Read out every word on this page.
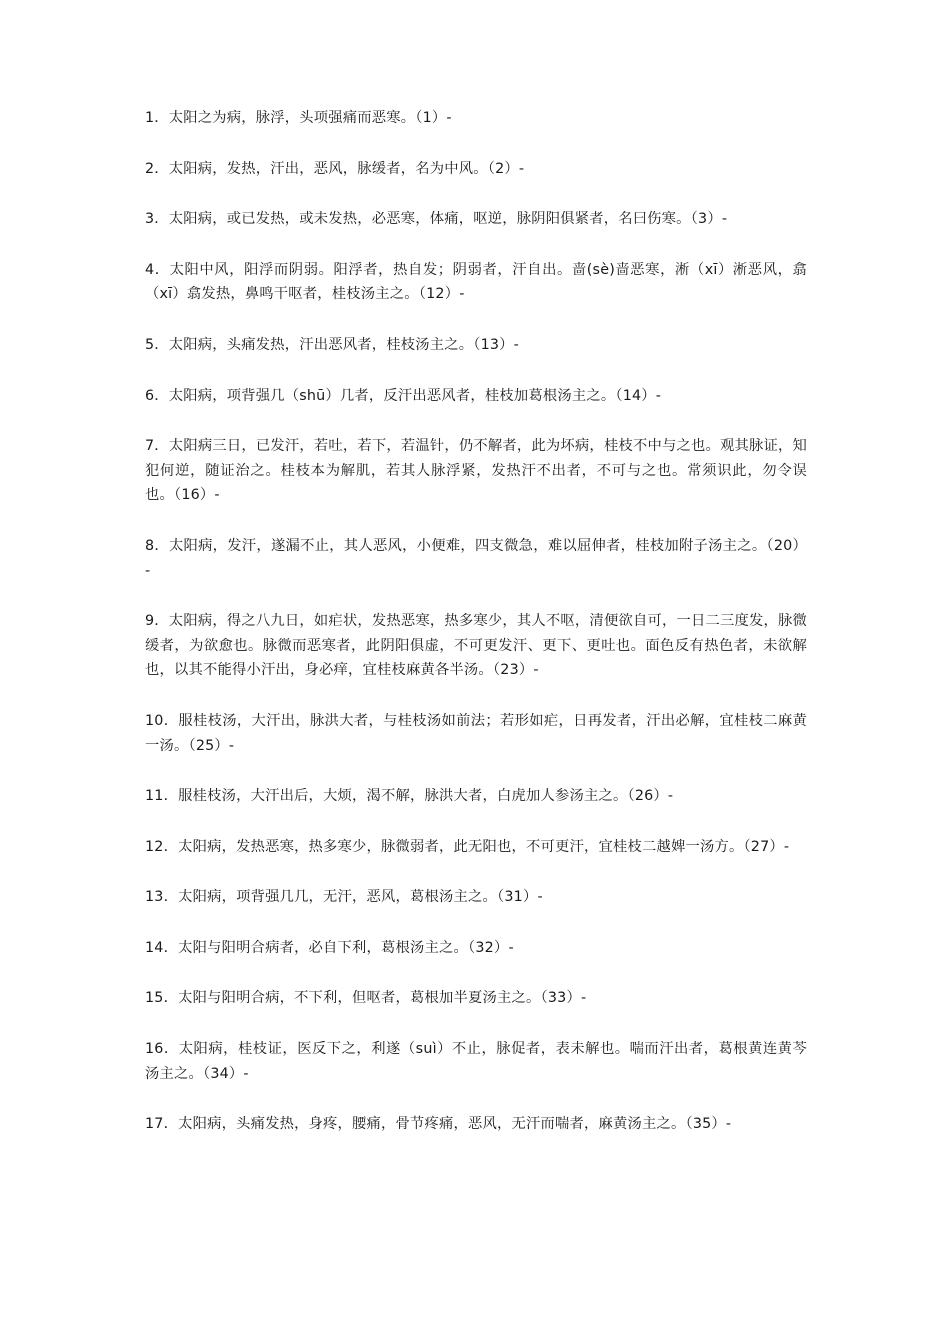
1．太阳之为病，脉浮，头项强痛而恶寒。（1）-

2．太阳病，发热，汗出，恶风，脉缓者，名为中风。（2）-

3．太阳病，或已发热，或未发热，必恶寒，体痛，呕逆，脉阴阳俱紧者，名曰伤寒。（3）-

4．太阳中风，阳浮而阴弱。阳浮者，热自发；阴弱者，汗自出。啬(sè)啬恶寒，淅（xī）淅恶风，翕（xī）翕发热，鼻鸣干呕者，桂枝汤主之。（12）-

5．太阳病，头痛发热，汗出恶风者，桂枝汤主之。（13）-

6．太阳病，项背强几（shū）几者，反汗出恶风者，桂枝加葛根汤主之。（14）-

7．太阳病三日，已发汗，若吐，若下，若温针，仍不解者，此为坏病，桂枝不中与之也。观其脉证，知犯何逆，随证治之。桂枝本为解肌，若其人脉浮紧，发热汗不出者，不可与之也。常须识此，勿令误也。（16）-

8．太阳病，发汗，遂漏不止，其人恶风，小便难，四支微急，难以屈伸者，桂枝加附子汤主之。（20）-

9．太阳病，得之八九日，如疟状，发热恶寒，热多寒少，其人不呕，清便欲自可，一日二三度发，脉微缓者，为欲愈也。脉微而恶寒者，此阴阳俱虚，不可更发汗、更下、更吐也。面色反有热色者，未欲解也，以其不能得小汗出，身必痒，宜桂枝麻黄各半汤。（23）-

10．服桂枝汤，大汗出，脉洪大者，与桂枝汤如前法；若形如疟，日再发者，汗出必解，宜桂枝二麻黄一汤。（25）-

11．服桂枝汤，大汗出后，大烦，渴不解，脉洪大者，白虎加人参汤主之。（26）-

12．太阳病，发热恶寒，热多寒少，脉微弱者，此无阳也，不可更汗，宜桂枝二越婢一汤方。（27）-

13．太阳病，项背强几几，无汗，恶风，葛根汤主之。（31）-

14．太阳与阳明合病者，必自下利，葛根汤主之。（32）-

15．太阳与阳明合病，不下利，但呕者，葛根加半夏汤主之。（33）-

16．太阳病，桂枝证，医反下之，利遂（suì）不止，脉促者，表未解也。喘而汗出者，葛根黄连黄芩汤主之。（34）-

17．太阳病，头痛发热，身疼，腰痛，骨节疼痛，恶风，无汗而喘者，麻黄汤主之。（35）-
